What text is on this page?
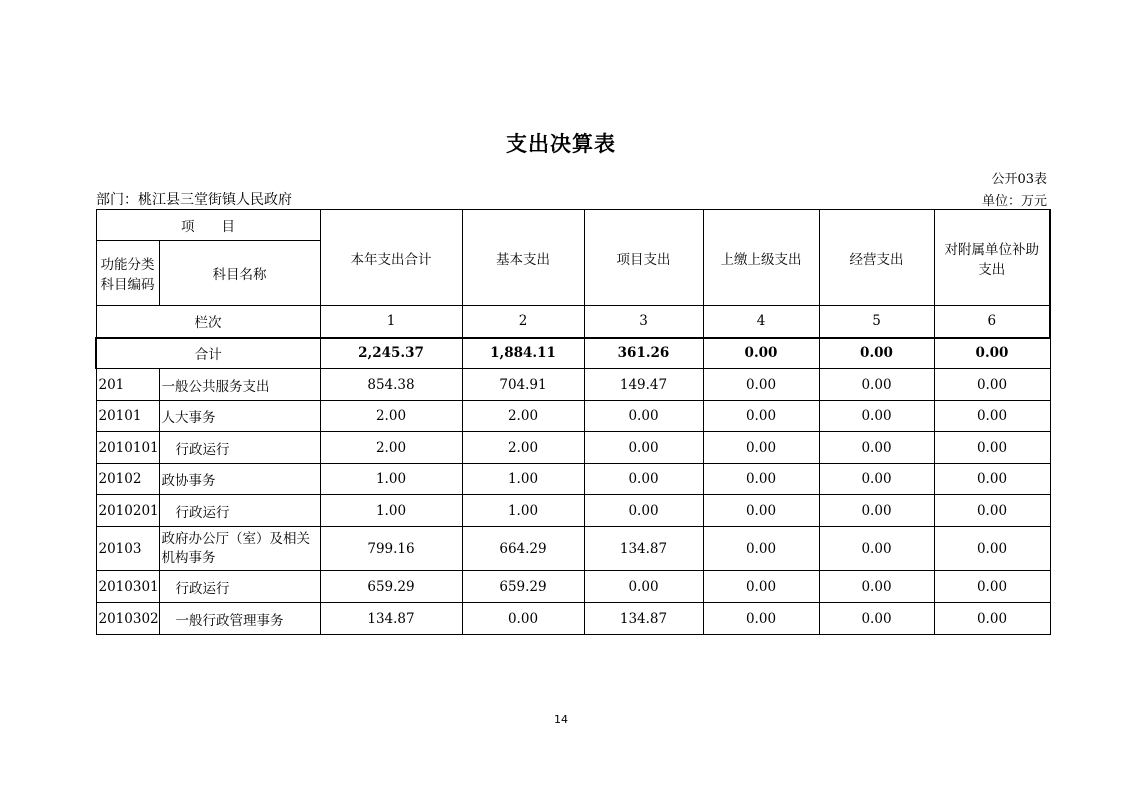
支出决算表
公开03表
部门：桃江县三堂街镇人民政府	单位：万元
项　　目		本年支出合计	基本支出	项目支出	上缴上级支出	经营支出	对附属单位补助支出
功能分类科目编码	科目名称						
栏次		1	2	3	4	5	6
合计		2,245.37	1,884.11	361.26	0.00	0.00	0.00
201	一般公共服务支出	854.38	704.91	149.47	0.00	0.00	0.00
20101	人大事务	2.00	2.00	0.00	0.00	0.00	0.00
2010101	行政运行	2.00	2.00	0.00	0.00	0.00	0.00
20102	政协事务	1.00	1.00	0.00	0.00	0.00	0.00
2010201	行政运行	1.00	1.00	0.00	0.00	0.00	0.00
20103	政府办公厅（室）及相关机构事务	799.16	664.29	134.87	0.00	0.00	0.00
2010301	行政运行	659.29	659.29	0.00	0.00	0.00	0.00
2010302	一般行政管理事务	134.87	0.00	134.87	0.00	0.00	0.00
14
